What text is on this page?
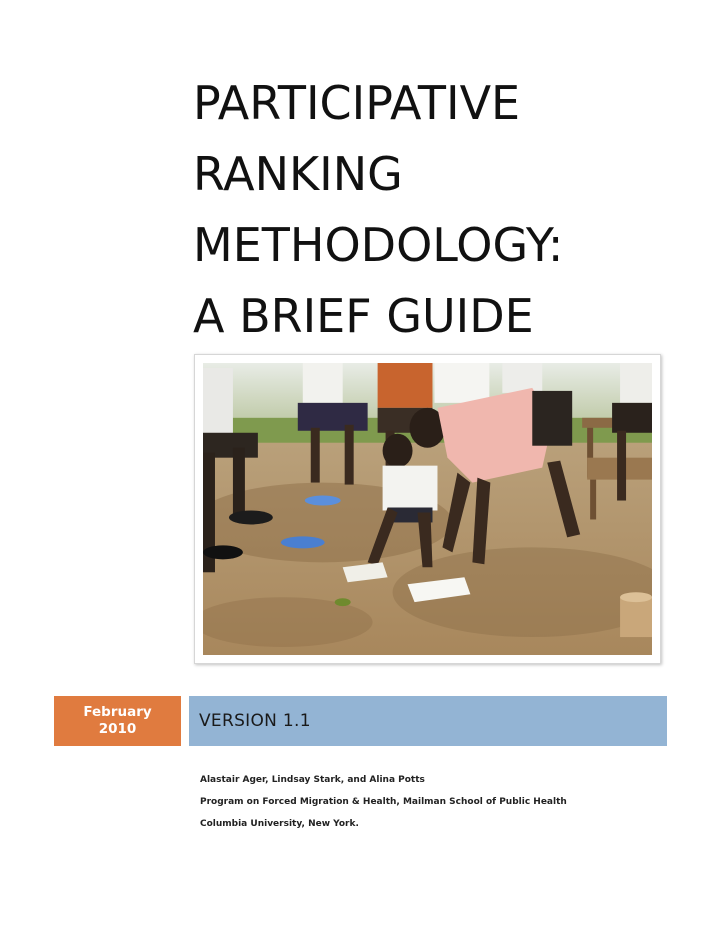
PARTICIPATIVE
RANKING
METHODOLOGY:
A BRIEF GUIDE
February
2010	VERSION 1.1
Alastair Ager, Lindsay Stark, and Alina Potts
Program on Forced Migration & Health, Mailman School of Public Health
Columbia University, New York.
